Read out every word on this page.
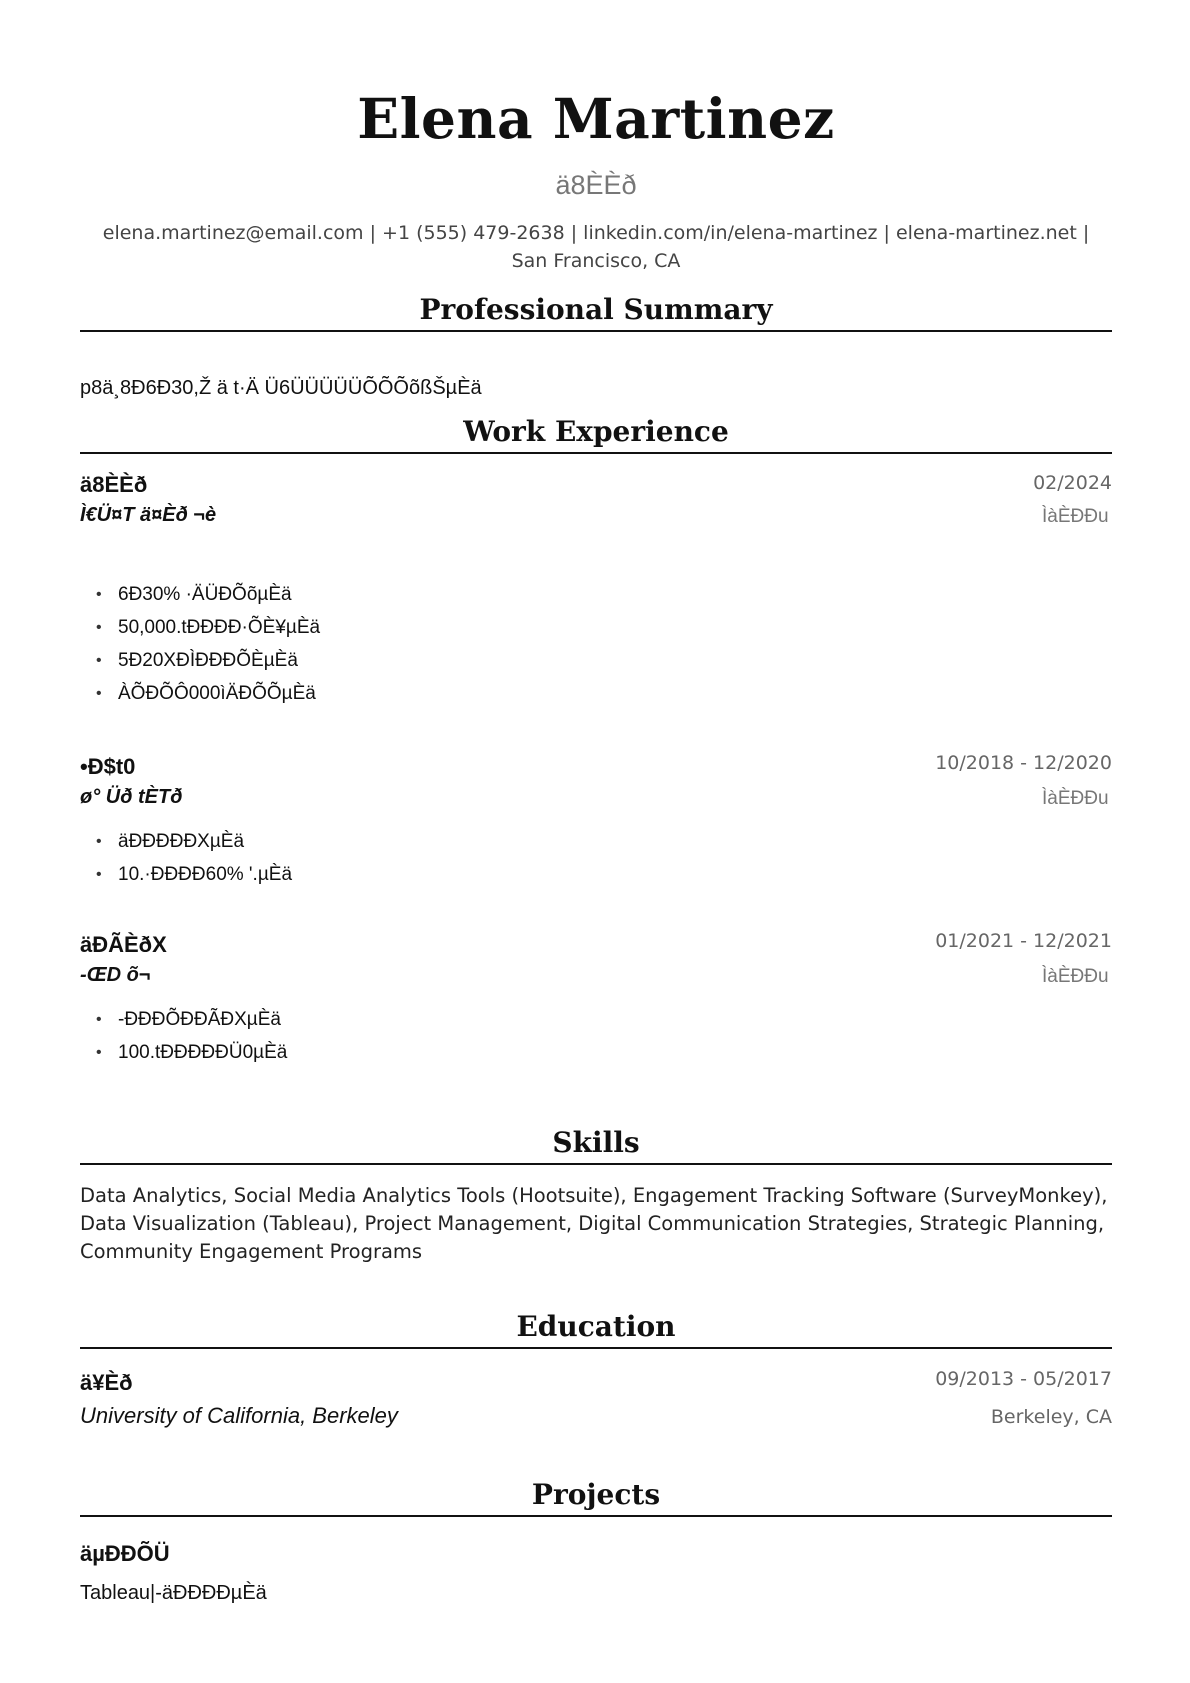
Elena Martinez
ä8ÈÈð
elena.martinez@email.com | +1 (555) 479-2638 | linkedin.com/in/elena-martinez | elena-martinez.net | San Francisco, CA
Professional Summary
p8ä¸8Ð6Ð30,Ž ä t·Ä Ü6ÜÜÜÜÜÕÕÕõßŠµÈä
Work Experience
ä8ÈÈð	02/2024
Ì€Ü¤T ä¤Èð ¬è	ÌàÈÐÐu
• 6Ð30% ·ÄÜÐÕõµÈä
• 50,000.tÐÐÐÐ·ÕÈ¥µÈä
• 5Ð20XÐÌÐÐÐÕÈµÈä
• ÀÕÐÕÔ000ìÄÐÕÕµÈä
•Ð$t0	10/2018 - 12/2020
ø° Üð tÈTð	ÌàÈÐÐu
• äÐÐÐÐÐXµÈä
• 10.·ÐÐÐÐ60% '.µÈä
äÐÃÈðX	01/2021 - 12/2021
-ŒD õ¬	ÌàÈÐÐu
• -ÐÐÐÕÐÐÃÐXµÈä
• 100.tÐÐÐÐÐÜ0µÈä
Skills
Data Analytics, Social Media Analytics Tools (Hootsuite), Engagement Tracking Software (SurveyMonkey), Data Visualization (Tableau), Project Management, Digital Communication Strategies, Strategic Planning, Community Engagement Programs
Education
ä¥Èð	09/2013 - 05/2017
University of California, Berkeley	Berkeley, CA
Projects
äµÐÐÕÜ
Tableau|-äÐÐÐÐµÈä
